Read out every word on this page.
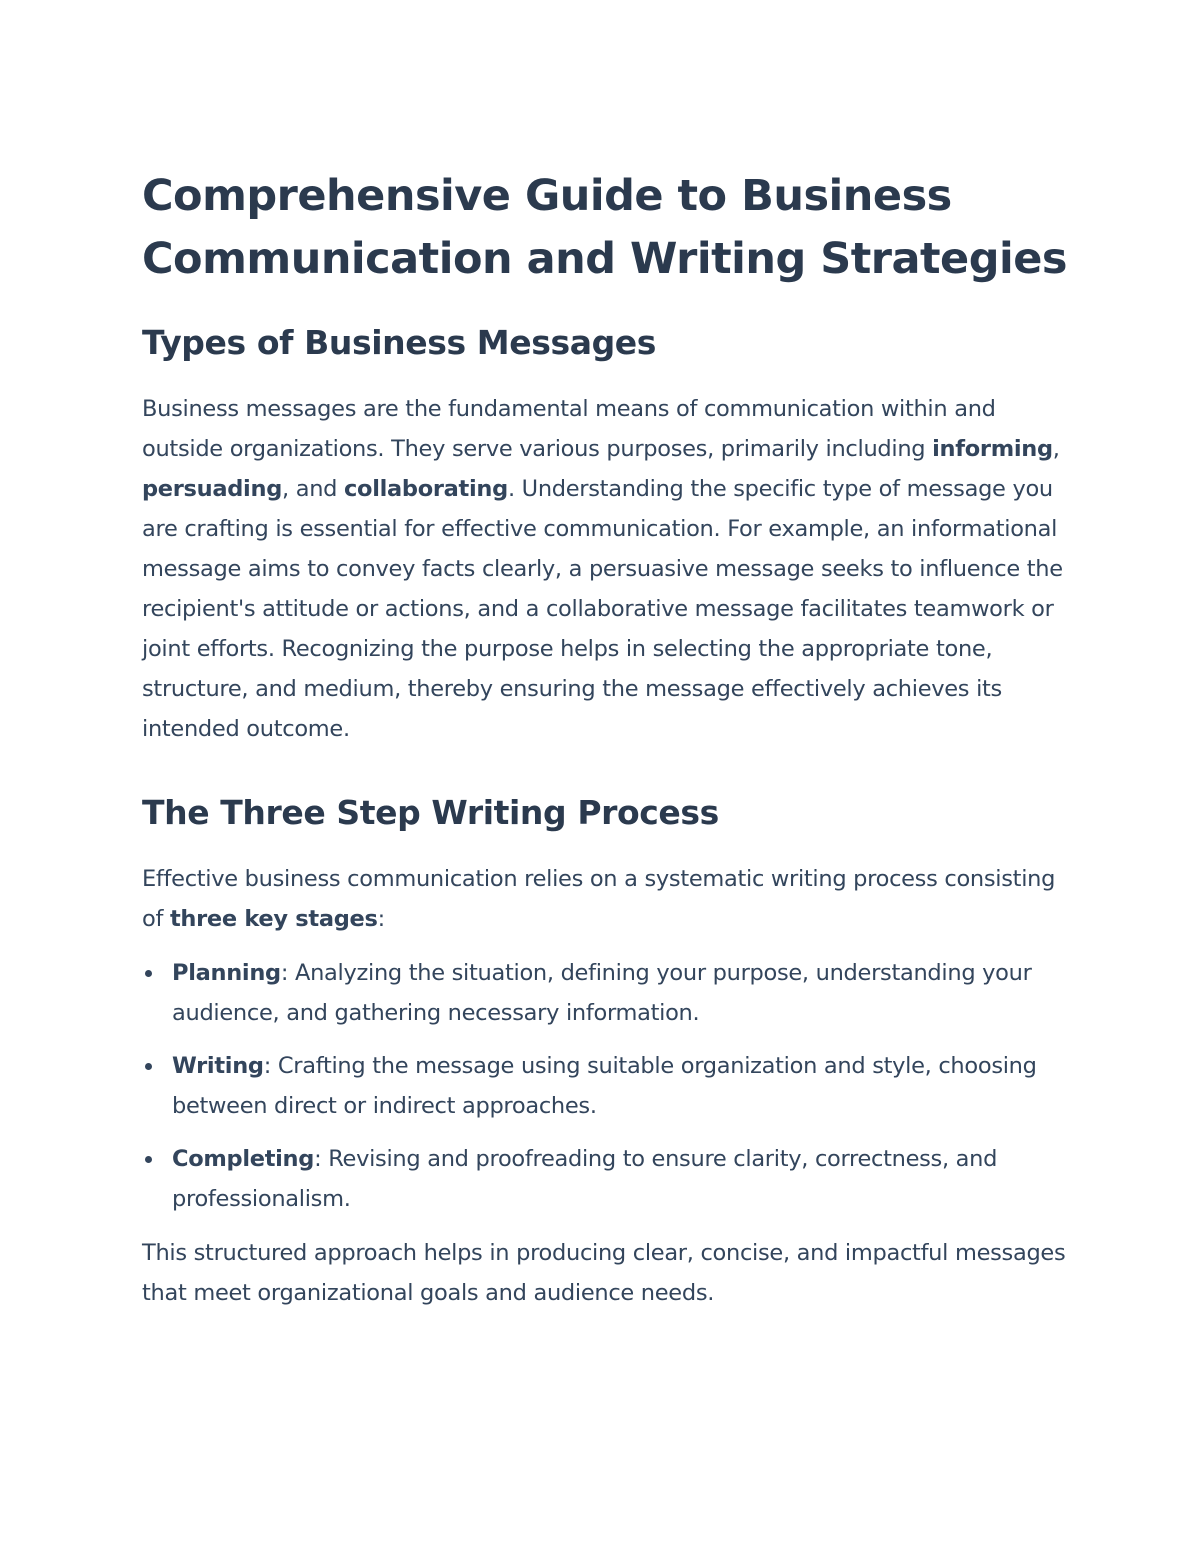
Comprehensive Guide to Business Communication and Writing Strategies
Types of Business Messages

Business messages are the fundamental means of communication within and outside organizations. They serve various purposes, primarily including informing, persuading, and collaborating. Understanding the specific type of message you are crafting is essential for effective communication. For example, an informational message aims to convey facts clearly, a persuasive message seeks to influence the recipient's attitude or actions, and a collaborative message facilitates teamwork or joint efforts. Recognizing the purpose helps in selecting the appropriate tone, structure, and medium, thereby ensuring the message effectively achieves its intended outcome.

The Three Step Writing Process

Effective business communication relies on a systematic writing process consisting of three key stages:

Planning: Analyzing the situation, defining your purpose, understanding your audience, and gathering necessary information.
Writing: Crafting the message using suitable organization and style, choosing between direct or indirect approaches.
Completing: Revising and proofreading to ensure clarity, correctness, and professionalism.

This structured approach helps in producing clear, concise, and impactful messages that meet organizational goals and audience needs.
